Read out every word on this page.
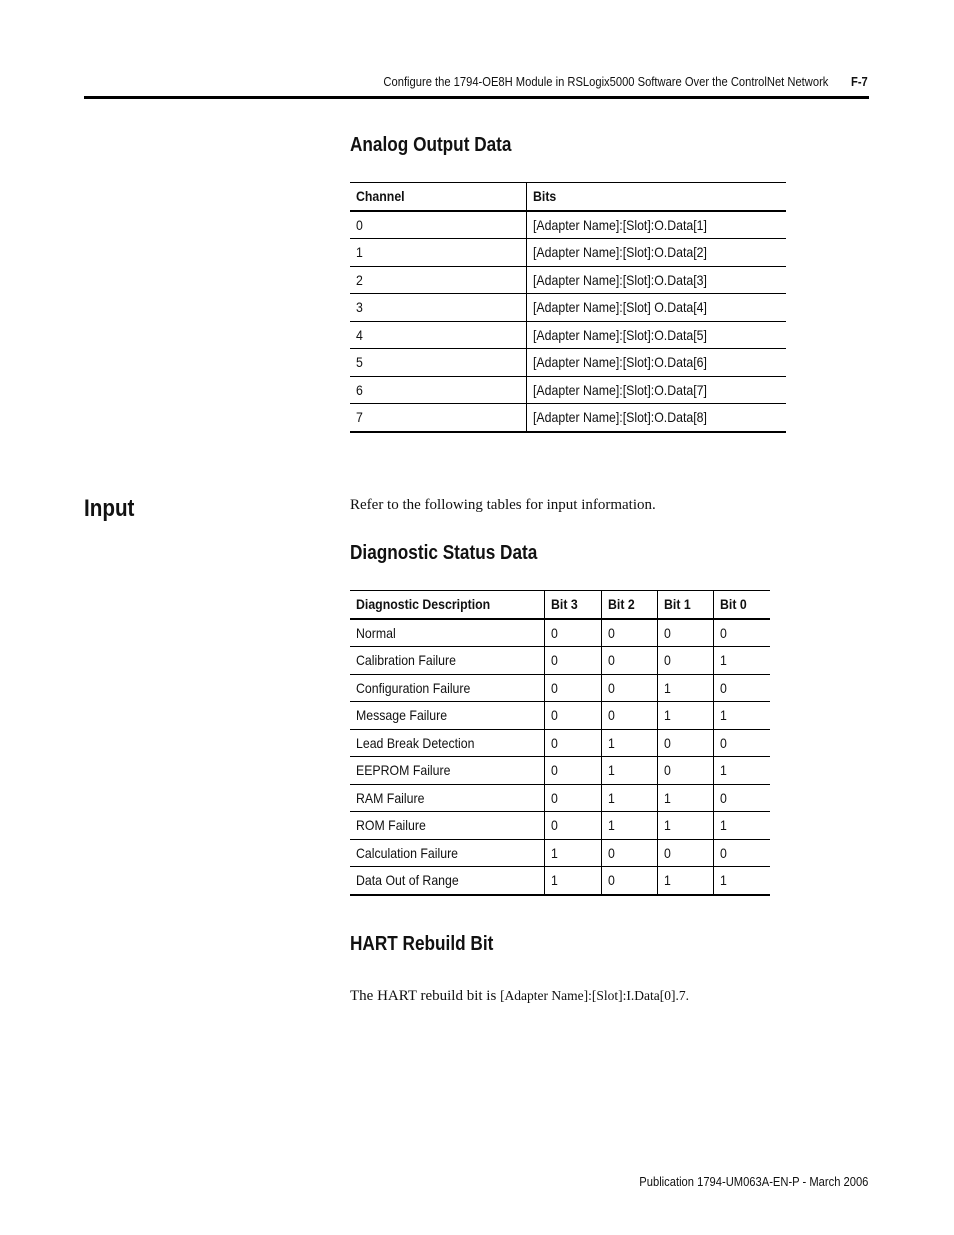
Configure the 1794-OE8H Module in RSLogix5000 Software Over the ControlNet Network F-7
Analog Output Data
Channel	Bits
0	[Adapter Name]:[Slot]:O.Data[1]
1	[Adapter Name]:[Slot]:O.Data[2]
2	[Adapter Name]:[Slot]:O.Data[3]
3	[Adapter Name]:[Slot] O.Data[4]
4	[Adapter Name]:[Slot]:O.Data[5]
5	[Adapter Name]:[Slot]:O.Data[6]
6	[Adapter Name]:[Slot]:O.Data[7]
7	[Adapter Name]:[Slot]:O.Data[8]
Input	Refer to the following tables for input information.
Diagnostic Status Data
Diagnostic Description	Bit 3	Bit 2	Bit 1	Bit 0
Normal	0	0	0	0
Calibration Failure	0	0	0	1
Configuration Failure	0	0	1	0
Message Failure	0	0	1	1
Lead Break Detection	0	1	0	0
EEPROM Failure	0	1	0	1
RAM Failure	0	1	1	0
ROM Failure	0	1	1	1
Calculation Failure	1	0	0	0
Data Out of Range	1	0	1	1
HART Rebuild Bit
The HART rebuild bit is [Adapter Name]:[Slot]:I.Data[0].7.
Publication 1794-UM063A-EN-P - March 2006
